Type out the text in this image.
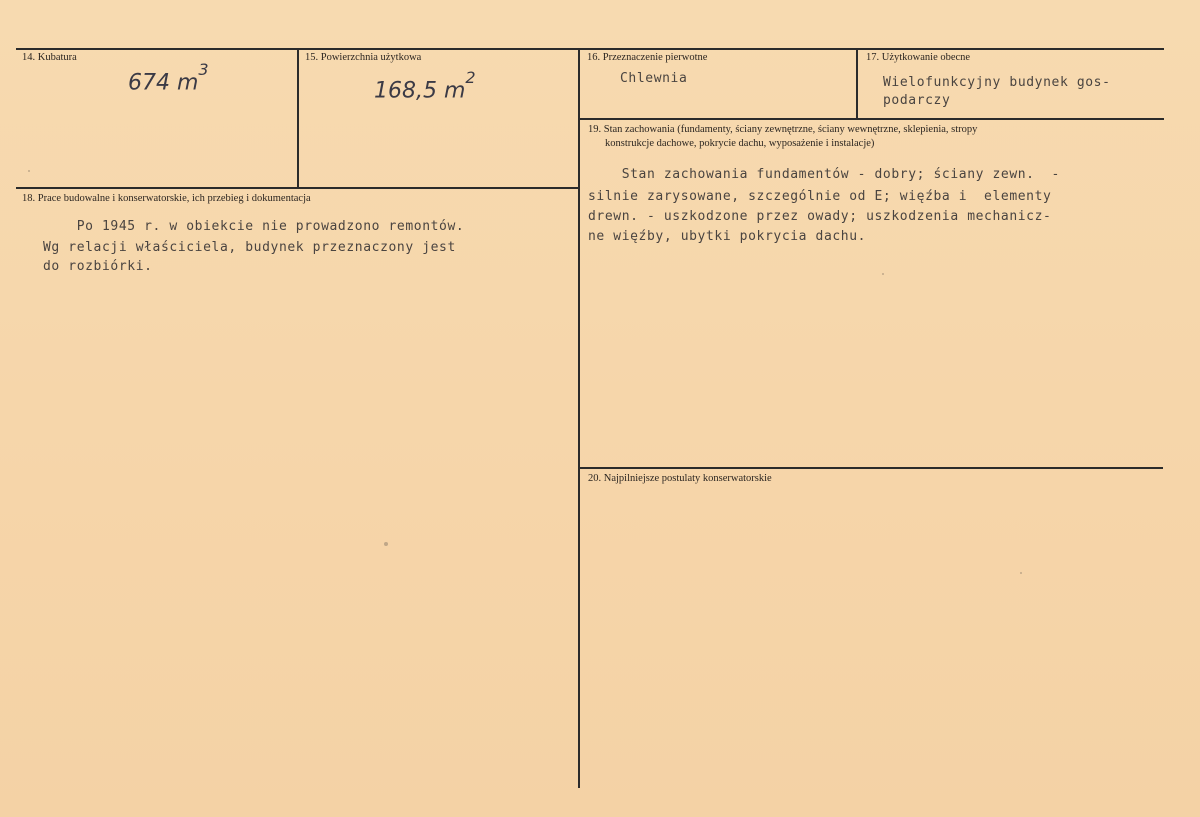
14. Kubatura
674 $m^3$
15. Powierzchnia użytkowa
168,5 $m^2$
16. Przeznaczenie pierwotne
Chlewnia
17. Użytkowanie obecne
Wielofunkcyjny budynek gos-
podarczy
18. Prace budowalne i konserwatorskie, ich przebieg i dokumentacja
Po 1945 r. w obiekcie nie prowadzono remontów.
Wg relacji właściciela, budynek przeznaczony jest
do rozbiórki.
19. Stan zachowania (fundamenty, ściany zewnętrzne, ściany wewnętrzne, sklepienia, stropy
konstrukcje dachowe, pokrycie dachu, wyposażenie i instalacje)
Stan zachowania fundamentów - dobry; ściany zewn.  -
silnie zarysowane, szczególnie od E; więźba i  elementy
drewn. - uszkodzone przez owady; uszkodzenia mechanicz-
ne więźby, ubytki pokrycia dachu.
20. Najpilniejsze postulaty konserwatorskie
